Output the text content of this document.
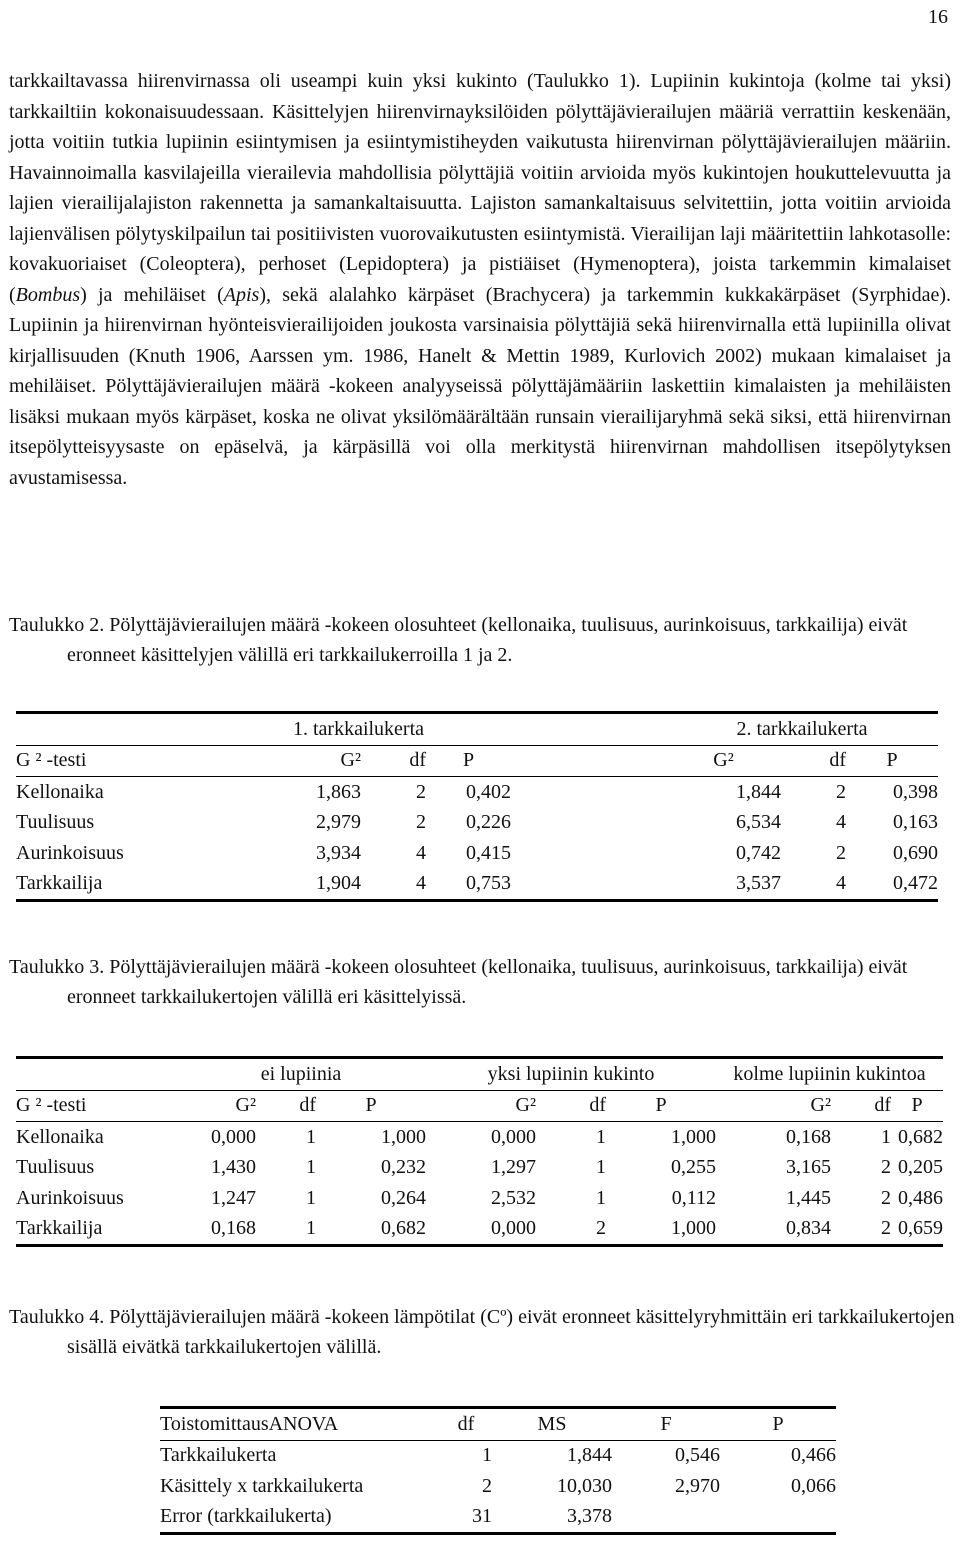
16

tarkkailtavassa hiirenvirnassa oli useampi kuin yksi kukinto (Taulukko 1). Lupiinin kukintoja (kolme tai yksi) tarkkailtiin kokonaisuudessaan. Käsittelyjen hiirenvirnayksilöiden pölyttäjävierailujen määriä verrattiin keskenään, jotta voitiin tutkia lupiinin esiintymisen ja esiintymistiheyden vaikutusta hiirenvirnan pölyttäjävierailujen määriin. Havainnoimalla kasvilajeilla vierailevia mahdollisia pölyttäjiä voitiin arvioida myös kukintojen houkuttelevuutta ja lajien vierailijalajiston rakennetta ja samankaltaisuutta. Lajiston samankaltaisuus selvitettiin, jotta voitiin arvioida lajienvälisen pölytyskilpailun tai positiivisten vuorovaikutusten esiintymistä. Vierailijan laji määritettiin lahkotasolle: kovakuoriaiset (Coleoptera), perhoset (Lepidoptera) ja pistiäiset (Hymenoptera), joista tarkemmin kimalaiset (Bombus) ja mehiläiset (Apis), sekä alalahko kärpäset (Brachycera) ja tarkemmin kukkakärpäset (Syrphidae). Lupiinin ja hiirenvirnan hyönteisvierailijoiden joukosta varsinaisia pölyttäjiä sekä hiirenvirnalla että lupiinilla olivat kirjallisuuden (Knuth 1906, Aarssen ym. 1986, Hanelt & Mettin 1989, Kurlovich 2002) mukaan kimalaiset ja mehiläiset. Pölyttäjävierailujen määrä -kokeen analyyseissä pölyttäjämääriin laskettiin kimalaisten ja mehiläisten lisäksi mukaan myös kärpäset, koska ne olivat yksilömäärältään runsain vierailijaryhmä sekä siksi, että hiirenvirnan itsepölytteisyysaste on epäselvä, ja kärpäsillä voi olla merkitystä hiirenvirnan mahdollisen itsepölytyksen avustamisessa.

Taulukko 2. Pölyttäjävierailujen määrä -kokeen olosuhteet (kellonaika, tuulisuus, aurinkoisuus, tarkkailija) eivät eronneet käsittelyjen välillä eri tarkkailukerroilla 1 ja 2.

	1. tarkkailukerta				2. tarkkailukerta		
G ² -testi	G²	df	P		G²	df	P
Kellonaika	1,863	2	0,402		1,844	2	0,398
Tuulisuus	2,979	2	0,226		6,534	4	0,163
Aurinkoisuus	3,934	4	0,415		0,742	2	0,690
Tarkkailija	1,904	4	0,753		3,537	4	0,472

Taulukko 3. Pölyttäjävierailujen määrä -kokeen olosuhteet (kellonaika, tuulisuus, aurinkoisuus, tarkkailija) eivät eronneet tarkkailukertojen välillä eri käsittelyissä.

	ei lupiinia			yksi lupiinin kukinto			kolme lupiinin kukintoa		
G ² -testi	G²	df	P	G²	df	P	G²	df	P
Kellonaika	0,000	1	1,000	0,000	1	1,000	0,168	1	0,682
Tuulisuus	1,430	1	0,232	1,297	1	0,255	3,165	2	0,205
Aurinkoisuus	1,247	1	0,264	2,532	1	0,112	1,445	2	0,486
Tarkkailija	0,168	1	0,682	0,000	2	1,000	0,834	2	0,659

Taulukko 4. Pölyttäjävierailujen määrä -kokeen lämpötilat (Cº) eivät eronneet käsittelyryhmittäin eri tarkkailukertojen sisällä eivätkä tarkkailukertojen välillä.

ToistomittausANOVA	df	MS	F	P
Tarkkailukerta	1	1,844	0,546	0,466
Käsittely x tarkkailukerta	2	10,030	2,970	0,066
Error (tarkkailukerta)	31	3,378		
